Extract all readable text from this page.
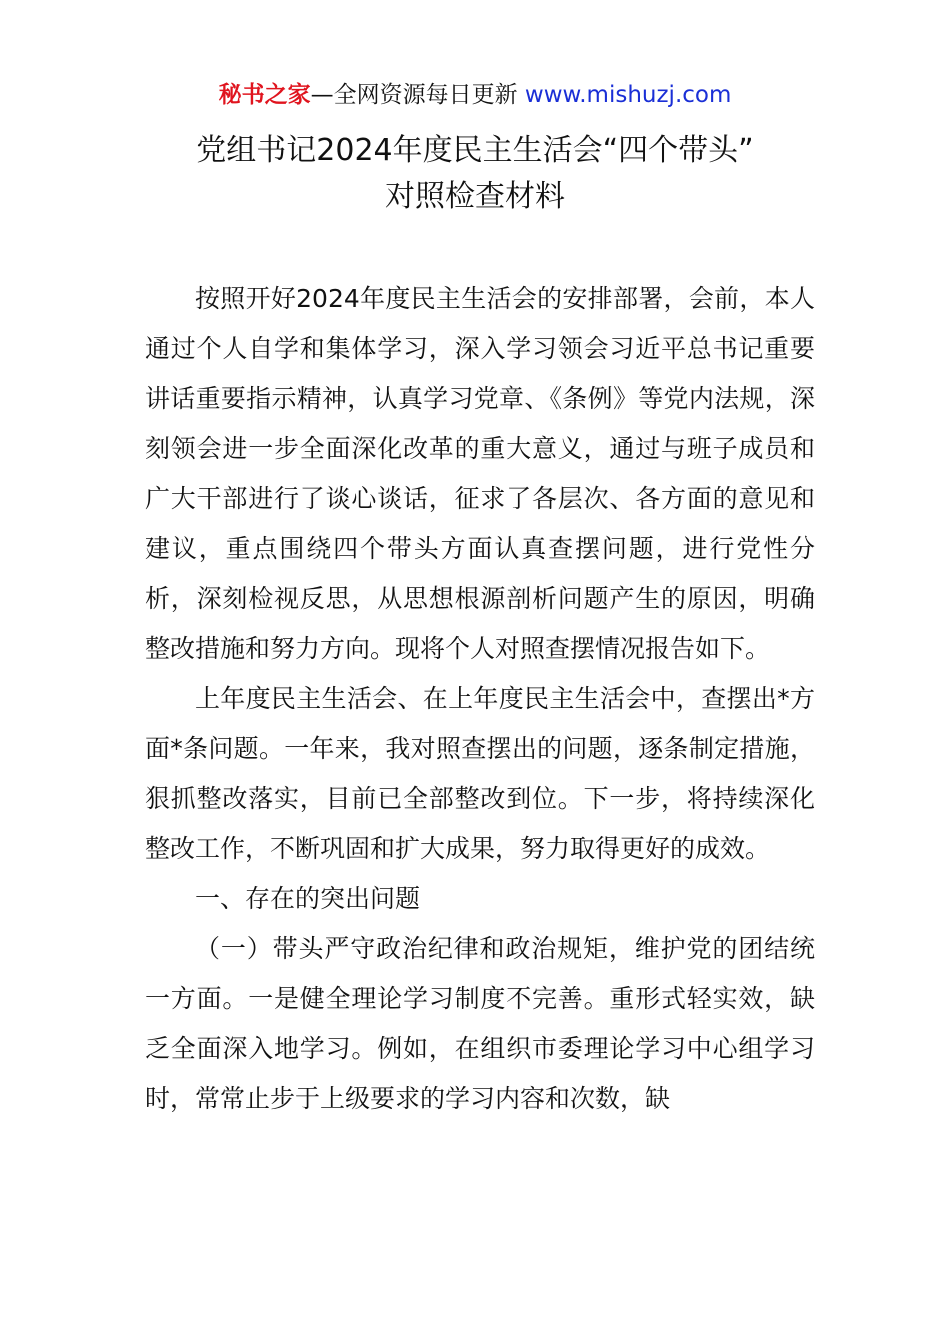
秘书之家—全网资源每日更新 www.mishuzj.com
党组书记2024年度民主生活会“四个带头”
对照检查材料

按照开好2024年度民主生活会的安排部署，会前，本人通过个人自学和集体学习，深入学习领会习近平总书记重要讲话重要指示精神，认真学习党章、《条例》等党内法规，深刻领会进一步全面深化改革的重大意义，通过与班子成员和广大干部进行了谈心谈话，征求了各层次、各方面的意见和建议，重点围绕四个带头方面认真查摆问题，进行党性分析，深刻检视反思，从思想根源剖析问题产生的原因，明确整改措施和努力方向。现将个人对照查摆情况报告如下。

上年度民主生活会、在上年度民主生活会中，查摆出*方面*条问题。一年来，我对照查摆出的问题，逐条制定措施，狠抓整改落实，目前已全部整改到位。下一步，将持续深化整改工作，不断巩固和扩大成果，努力取得更好的成效。

一、存在的突出问题

（一）带头严守政治纪律和政治规矩，维护党的团结统一方面。一是健全理论学习制度不完善。重形式轻实效，缺乏全面深入地学习。例如，在组织市委理论学习中心组学习时，常常止步于上级要求的学习内容和次数，缺
